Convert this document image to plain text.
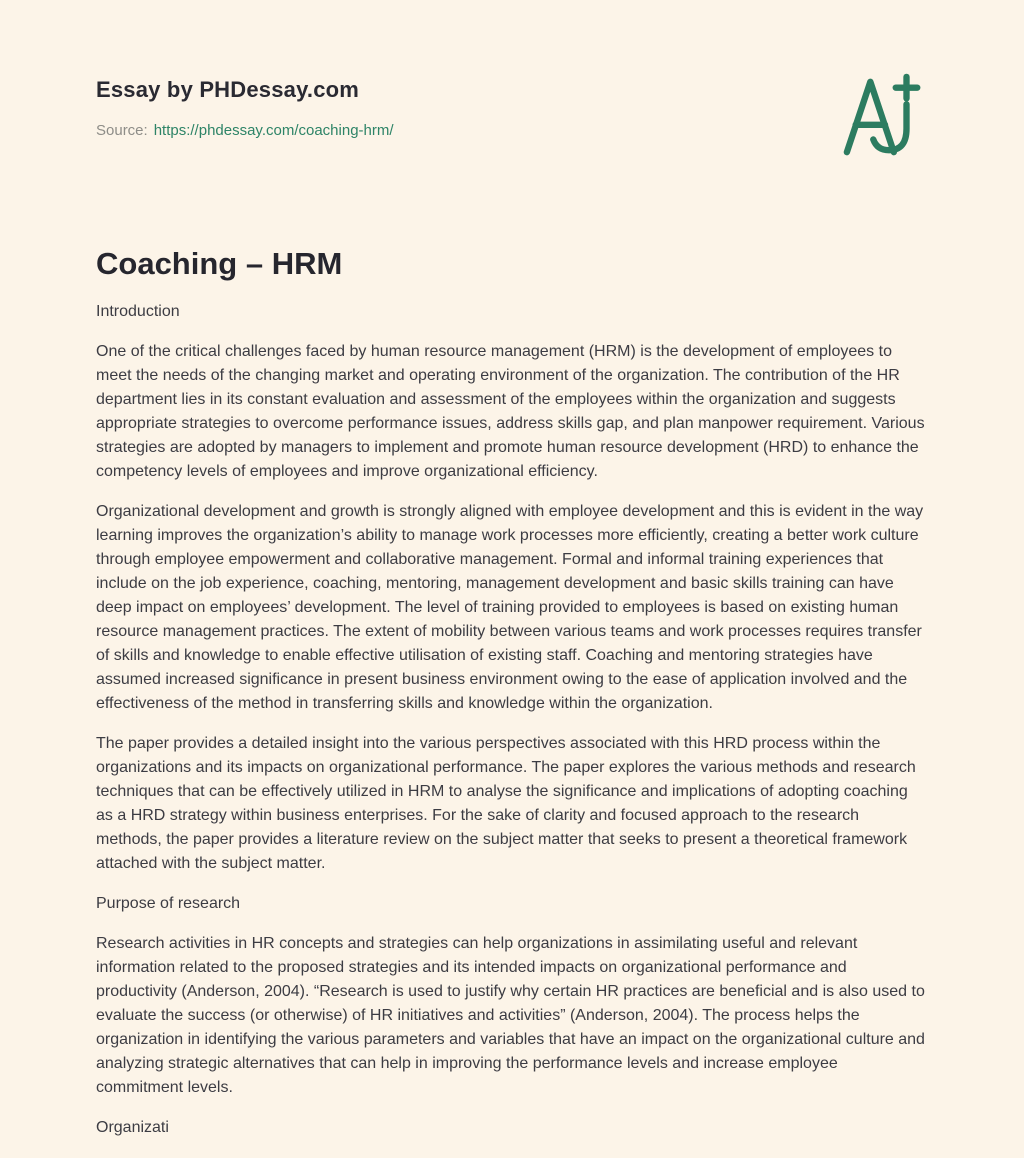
Essay by PHDessay.com
Source: https://phdessay.com/coaching-hrm/
Coaching – HRM

Introduction

One of the critical challenges faced by human resource management (HRM) is the development of employees to meet the needs of the changing market and operating environment of the organization. The contribution of the HR department lies in its constant evaluation and assessment of the employees within the organization and suggests appropriate strategies to overcome performance issues, address skills gap, and plan manpower requirement. Various strategies are adopted by managers to implement and promote human resource development (HRD) to enhance the competency levels of employees and improve organizational efficiency.

Organizational development and growth is strongly aligned with employee development and this is evident in the way learning improves the organization’s ability to manage work processes more efficiently, creating a better work culture through employee empowerment and collaborative management. Formal and informal training experiences that include on the job experience, coaching, mentoring, management development and basic skills training can have deep impact on employees’ development. The level of training provided to employees is based on existing human resource management practices. The extent of mobility between various teams and work processes requires transfer of skills and knowledge to enable effective utilisation of existing staff. Coaching and mentoring strategies have assumed increased significance in present business environment owing to the ease of application involved and the effectiveness of the method in transferring skills and knowledge within the organization.

The paper provides a detailed insight into the various perspectives associated with this HRD process within the organizations and its impacts on organizational performance. The paper explores the various methods and research techniques that can be effectively utilized in HRM to analyse the significance and implications of adopting coaching as a HRD strategy within business enterprises. For the sake of clarity and focused approach to the research methods, the paper provides a literature review on the subject matter that seeks to present a theoretical framework attached with the subject matter.

Purpose of research

Research activities in HR concepts and strategies can help organizations in assimilating useful and relevant information related to the proposed strategies and its intended impacts on organizational performance and productivity (Anderson, 2004). “Research is used to justify why certain HR practices are beneficial and is also used to evaluate the success (or otherwise) of HR initiatives and activities” (Anderson, 2004). The process helps the organization in identifying the various parameters and variables that have an impact on the organizational culture and analyzing strategic alternatives that can help in improving the performance levels and increase employee commitment levels.

Organizati
